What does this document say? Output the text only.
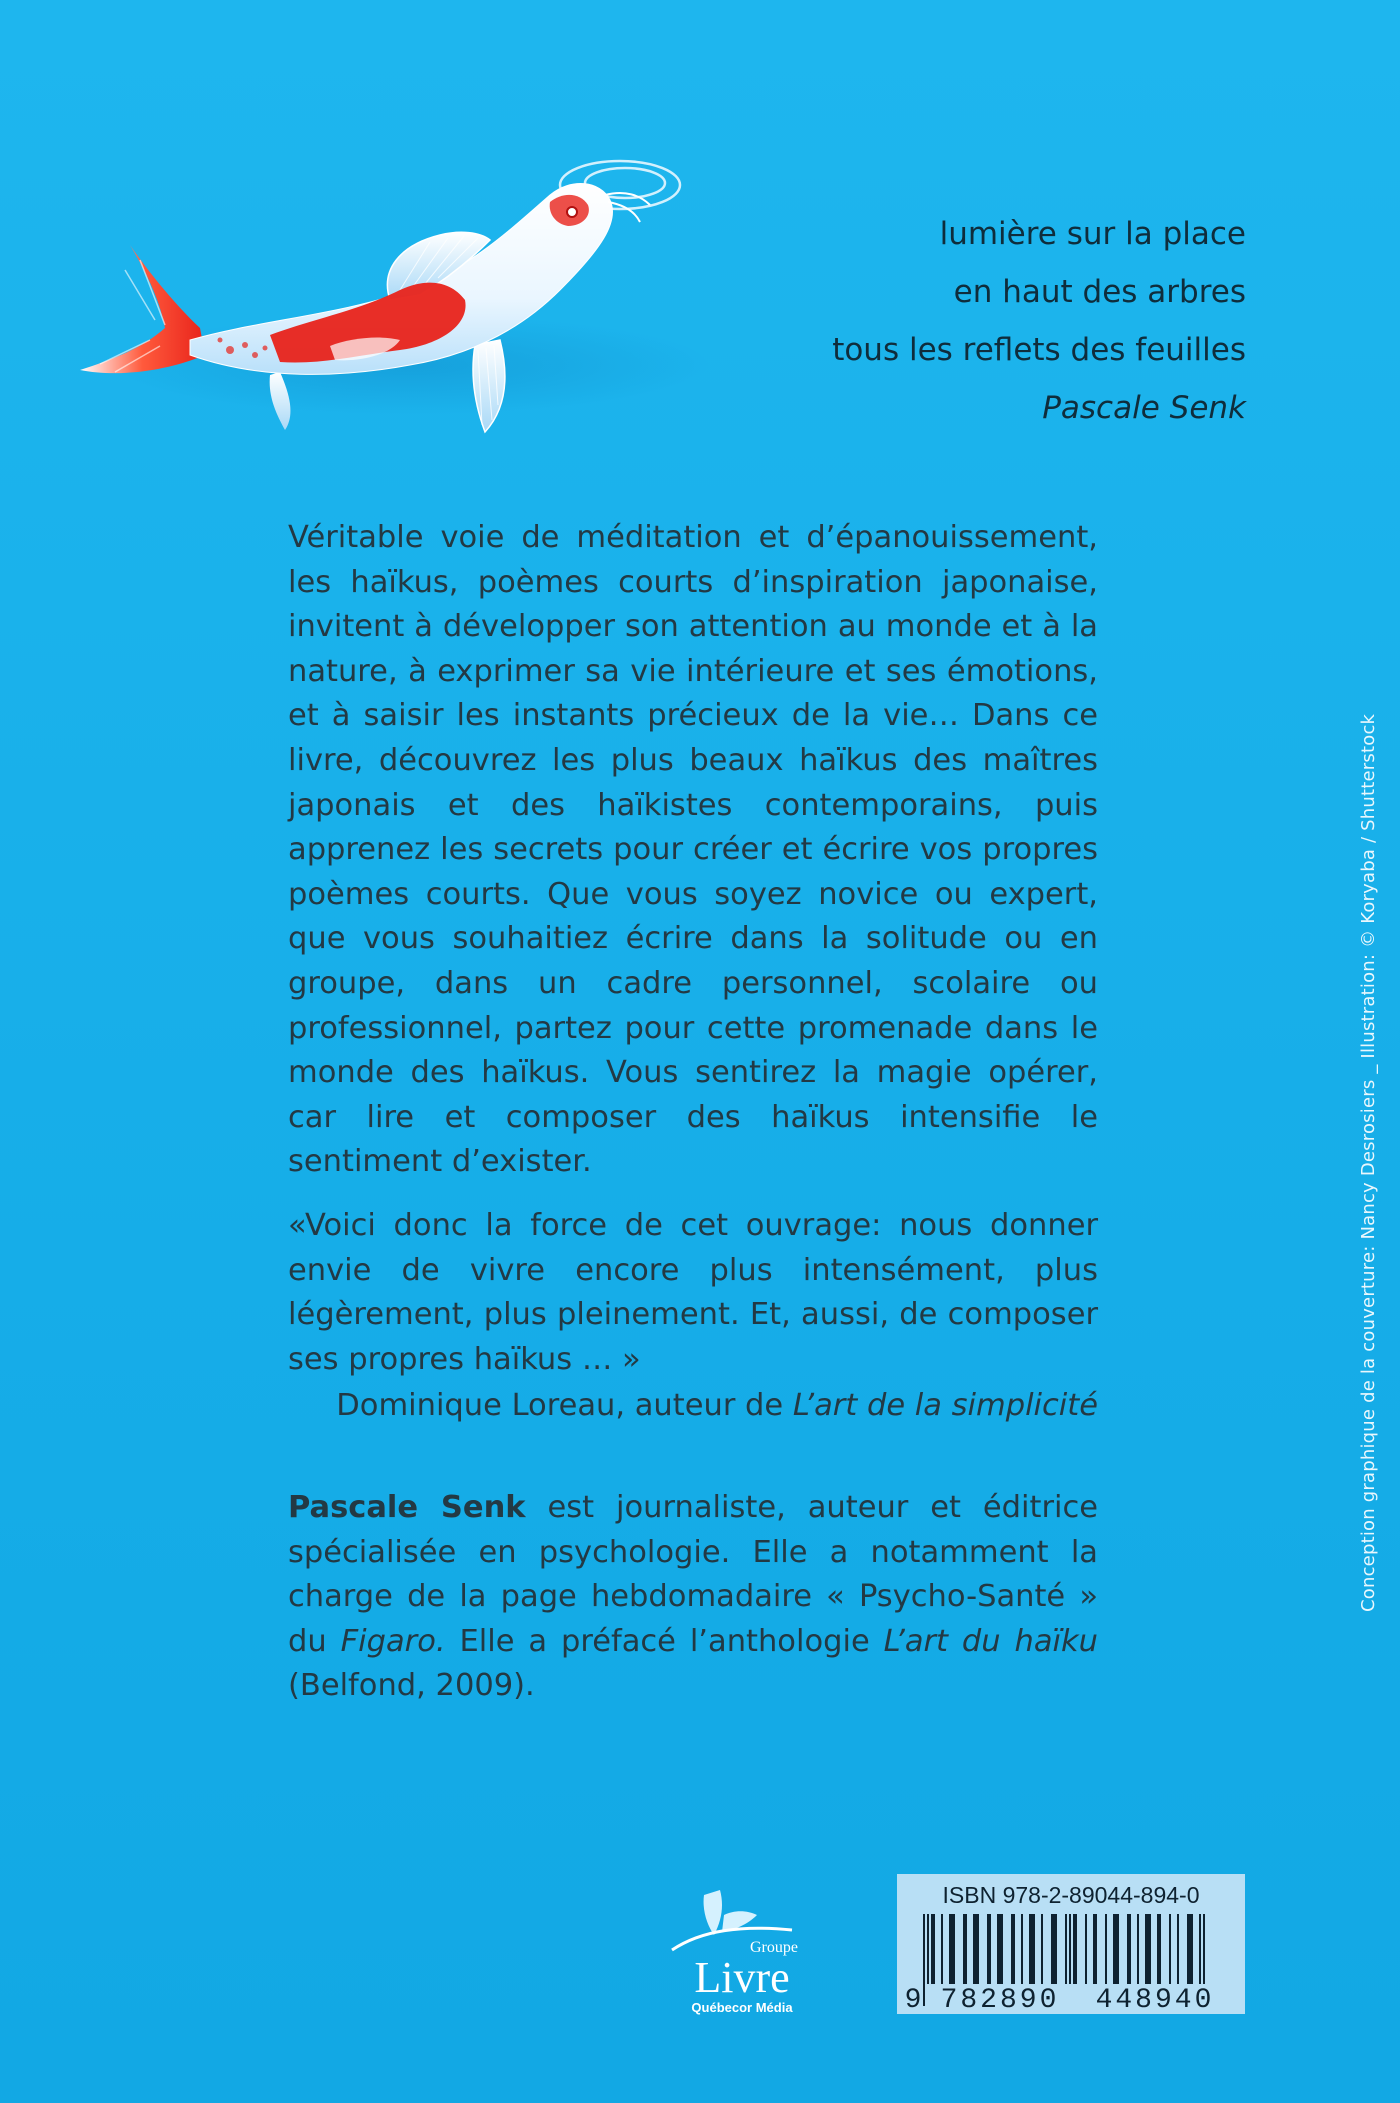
lumière sur la place
en haut des arbres
tous les reflets des feuilles
Pascale Senk
Véritable voie de méditation et d’épanouissement, les haïkus, poèmes courts d’inspiration japonaise, invitent à développer son attention au monde et à la nature, à exprimer sa vie intérieure et ses émotions, et à saisir les instants précieux de la vie… Dans ce livre, découvrez les plus beaux haïkus des maîtres japonais et des haïkistes contemporains, puis apprenez les secrets pour créer et écrire vos propres poèmes courts. Que vous soyez novice ou expert, que vous souhaitiez écrire dans la solitude ou en groupe, dans un cadre personnel, scolaire ou professionnel, partez pour cette promenade dans le monde des haïkus. Vous sentirez la magie opérer, car lire et composer des haïkus intensifie le sentiment d’exister.
«Voici donc la force de cet ouvrage: nous donner envie de vivre encore plus intensément, plus légèrement, plus pleinement. Et, aussi, de composer ses propres haïkus … »
Dominique Loreau, auteur de L’art de la simplicité
Pascale Senk est journaliste, auteur et éditrice spécialisée en psychologie. Elle a notamment la charge de la page hebdomadaire « Psycho-Santé » du Figaro. Elle a préfacé l’anthologie L’art du haïku (Belfond, 2009).
Conception graphique de la couverture: Nancy Desrosiers _ Illustration: © Koryaba / Shutterstock
Groupe
Livre
Québecor Média
ISBN 978-2-89044-894-0
9 782890 448940
